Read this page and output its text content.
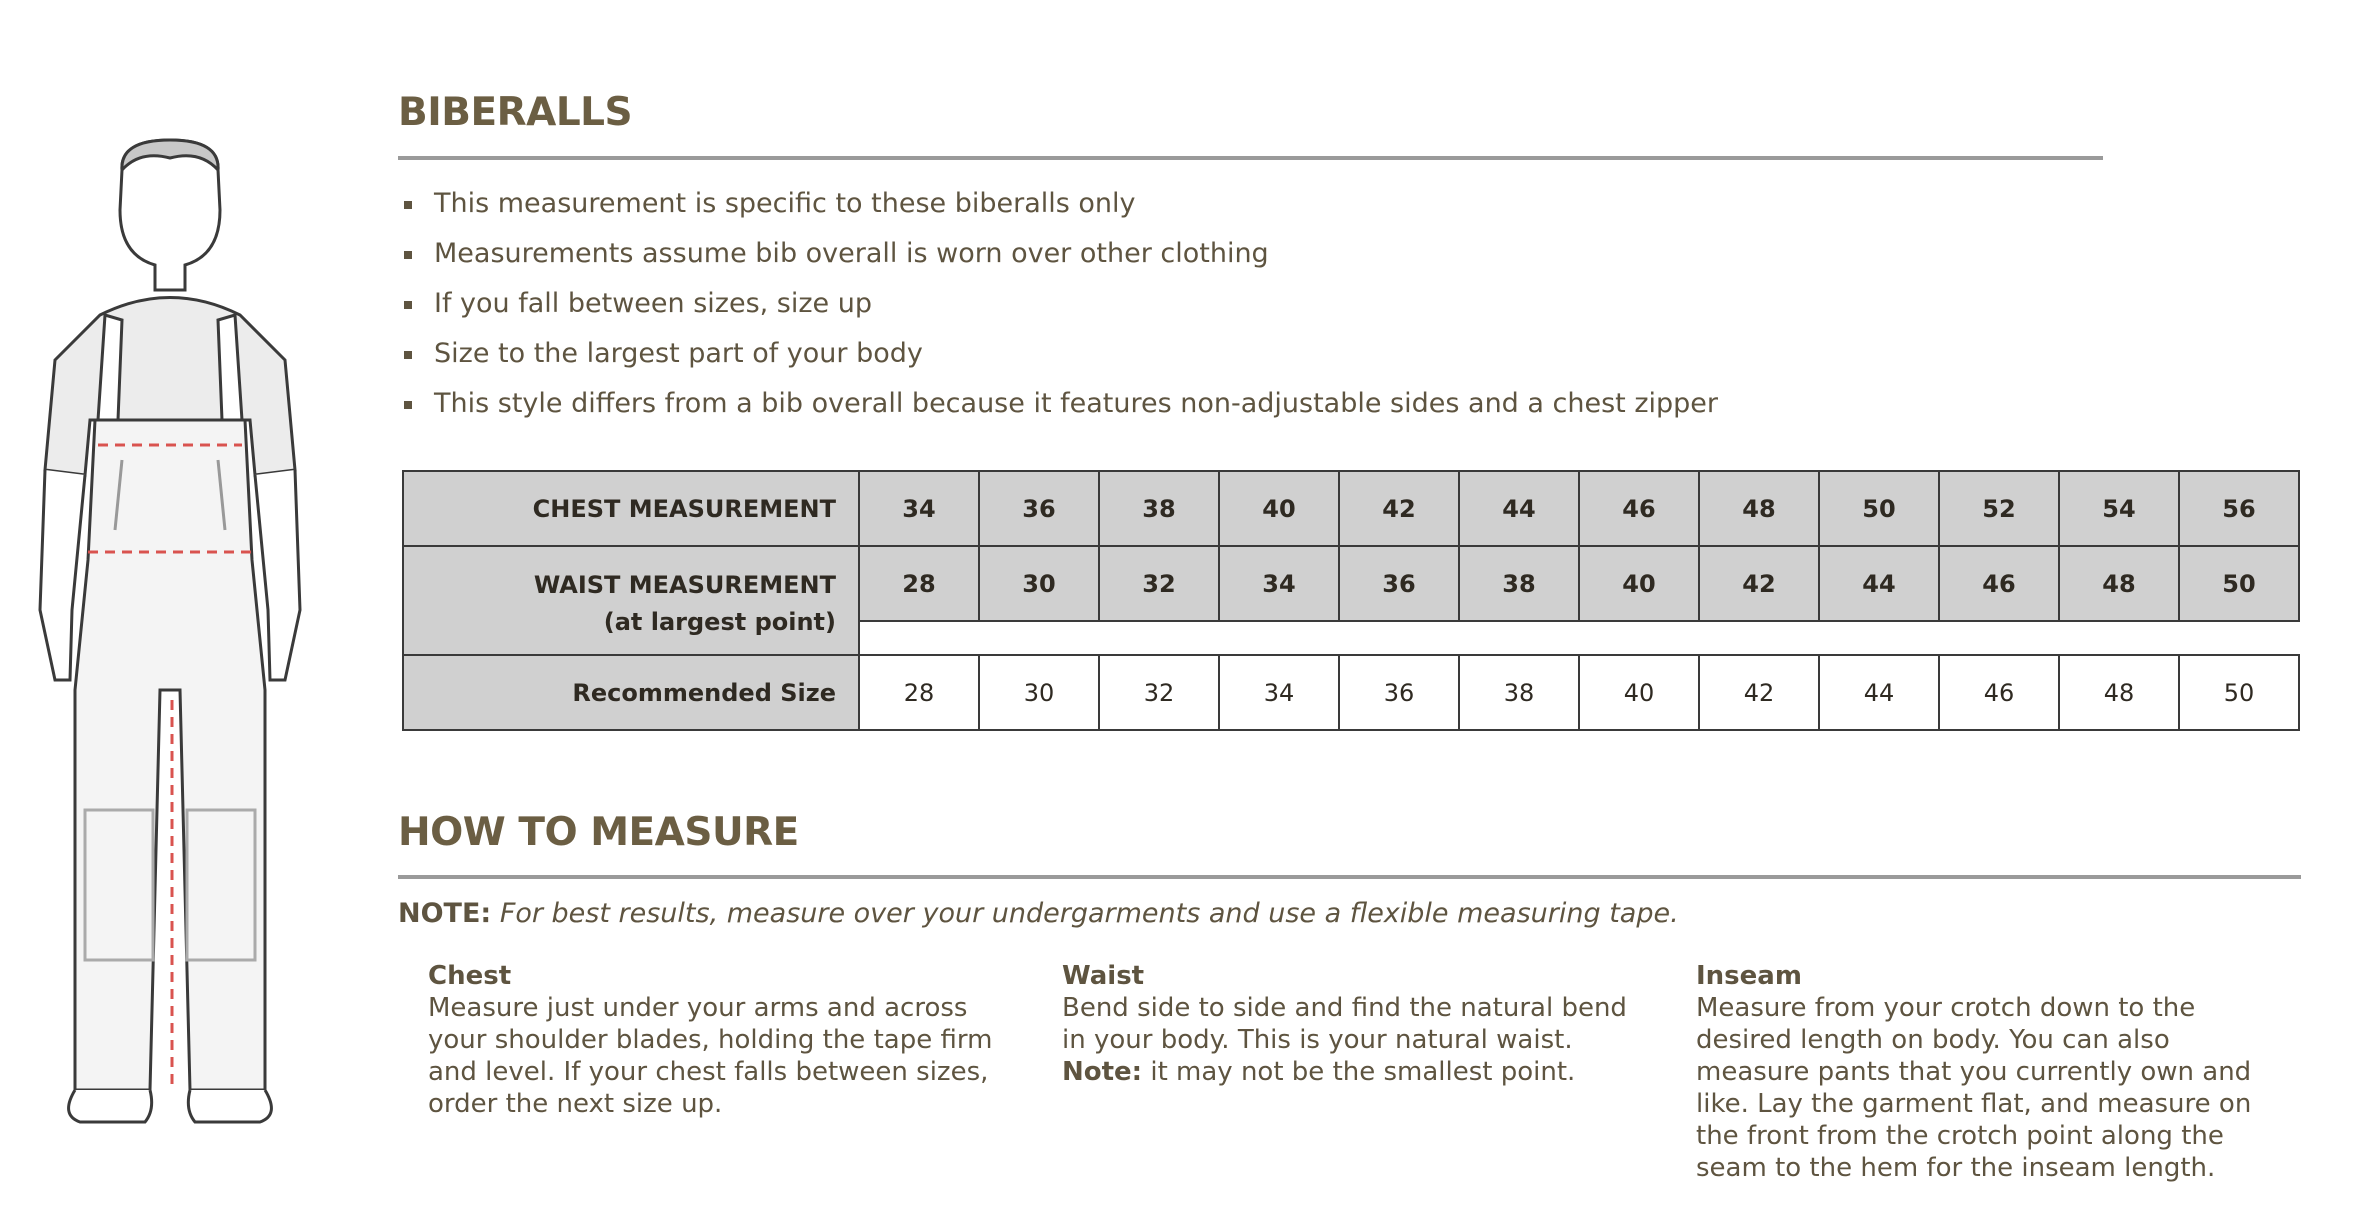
BIBERALLS
This measurement is specific to these biberalls only
Measurements assume bib overall is worn over other clothing
If you fall between sizes, size up
Size to the largest part of your body
This style differs from a bib overall because it features non-adjustable sides and a chest zipper
CHEST MEASUREMENT	34	36	38	40	42	44	46	48	50	52	54	56
WAIST MEASUREMENT
(at largest point)	28	30	32	34	36	38	40	42	44	46	48	50

Recommended Size	28	30	32	34	36	38	40	42	44	46	48	50
HOW TO MEASURE
NOTE: For best results, measure over your undergarments and use a flexible measuring tape.
Chest

Measure just under your arms and across your shoulder blades, holding the tape firm and level. If your chest falls between sizes, order the next size up.

Waist

Bend side to side and find the natural bend in your body. This is your natural waist. Note: it may not be the smallest point.

Inseam

Measure from your crotch down to the desired length on body. You can also measure pants that you currently own and like. Lay the garment flat, and measure on the front from the crotch point along the seam to the hem for the inseam length.
